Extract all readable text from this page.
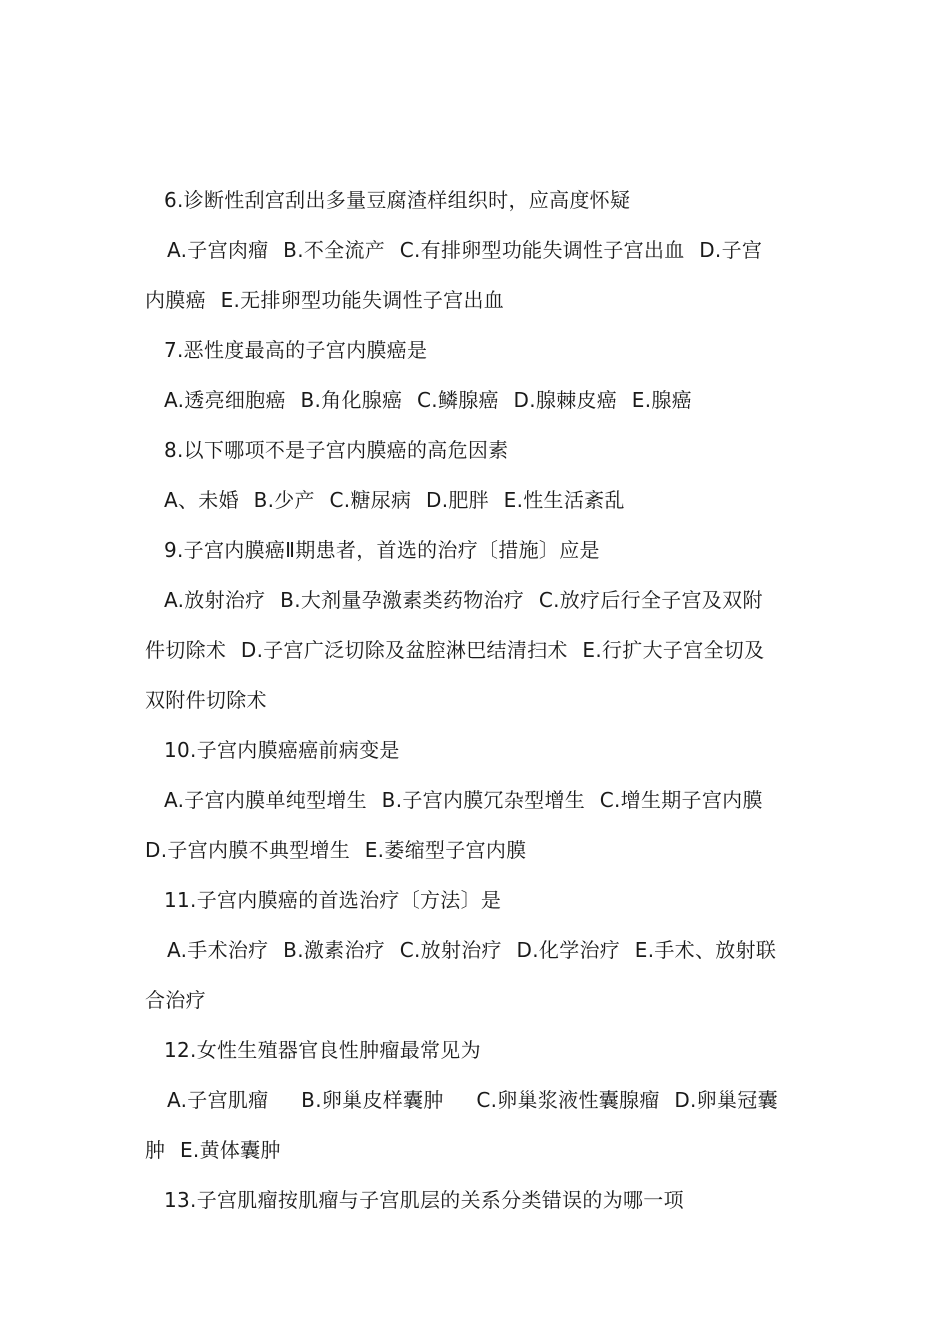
6.诊断性刮宫刮出多量豆腐渣样组织时，应高度怀疑
A.子宫肉瘤 B.不全流产 C.有排卵型功能失调性子宫出血 D.子宫
内膜癌 E.无排卵型功能失调性子宫出血
7.恶性度最高的子宫内膜癌是
A.透亮细胞癌 B.角化腺癌 C.鳞腺癌 D.腺棘皮癌 E.腺癌
8.以下哪项不是子宫内膜癌的高危因素
A、未婚 B.少产 C.糖尿病 D.肥胖 E.性生活紊乱
9.子宫内膜癌Ⅱ期患者，首选的治疗〔措施〕应是
A.放射治疗 B.大剂量孕激素类药物治疗 C.放疗后行全子宫及双附
件切除术 D.子宫广泛切除及盆腔淋巴结清扫术 E.行扩大子宫全切及
双附件切除术
10.子宫内膜癌癌前病变是
A.子宫内膜单纯型增生 B.子宫内膜冗杂型增生 C.增生期子宫内膜
D.子宫内膜不典型增生 E.萎缩型子宫内膜
11.子宫内膜癌的首选治疗〔方法〕是
A.手术治疗 B.激素治疗 C.放射治疗 D.化学治疗 E.手术、放射联
合治疗
12.女性生殖器官良性肿瘤最常见为
A.子宫肌瘤 B.卵巢皮样囊肿 C.卵巢浆液性囊腺瘤 D.卵巢冠囊
肿 E.黄体囊肿
13.子宫肌瘤按肌瘤与子宫肌层的关系分类错误的为哪一项
